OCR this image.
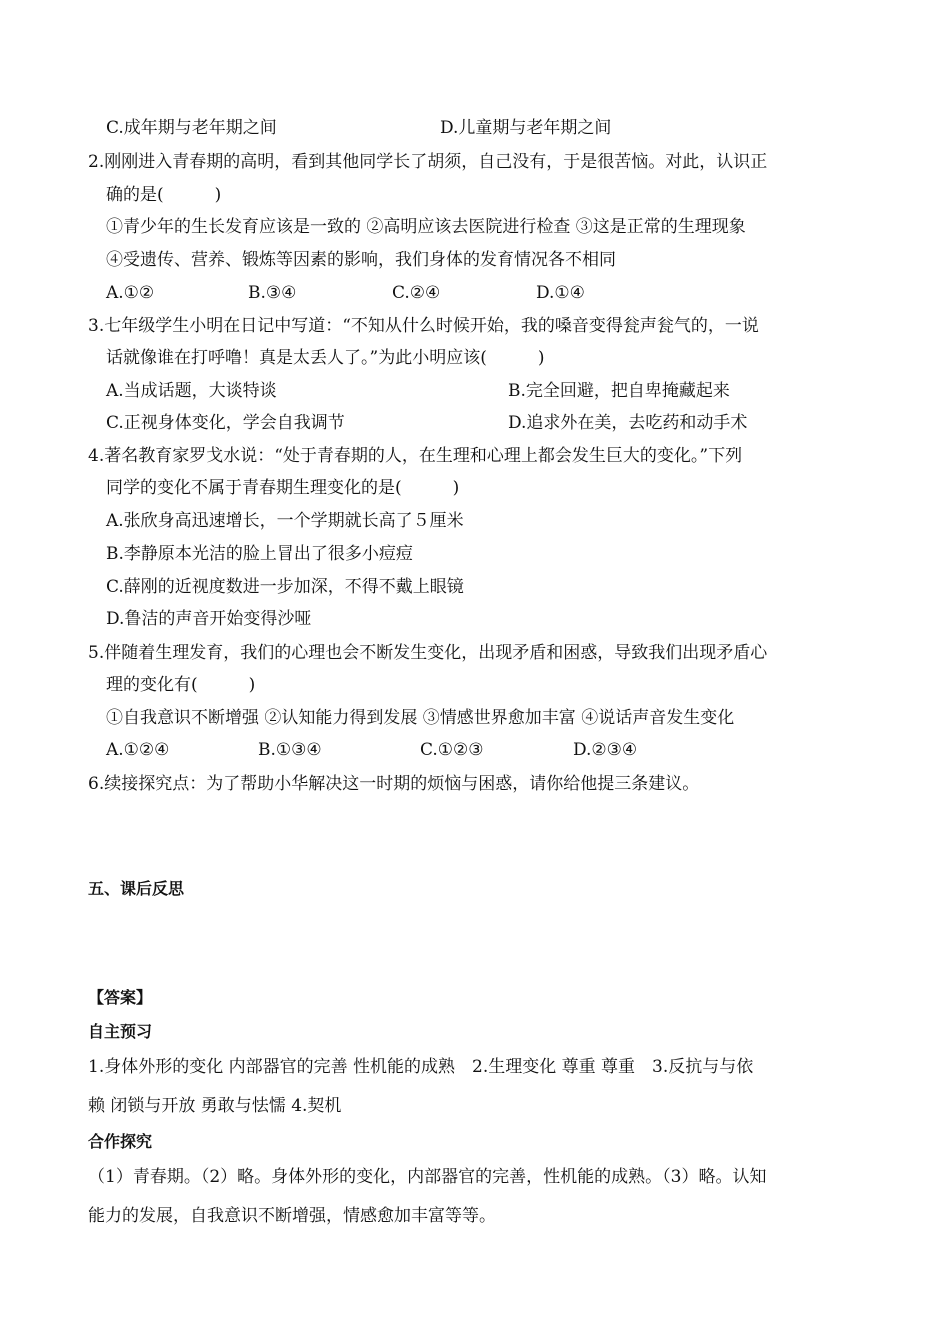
C.成年期与老年期之间	D.儿童期与老年期之间
2.刚刚进入青春期的高明，看到其他同学长了胡须，自己没有，于是很苦恼。对此，认识正
确的是(　　　)
①青少年的生长发育应该是一致的 ②高明应该去医院进行检查 ③这是正常的生理现象
④受遗传、营养、锻炼等因素的影响，我们身体的发育情况各不相同
A.①②	B.③④	C.②④	D.①④
3.七年级学生小明在日记中写道：“不知从什么时候开始，我的嗓音变得瓮声瓮气的，一说
话就像谁在打呼噜！真是太丢人了。”为此小明应该(　　　)
A.当成话题，大谈特谈	B.完全回避，把自卑掩藏起来
C.正视身体变化，学会自我调节	D.追求外在美，去吃药和动手术
4.著名教育家罗戈水说：“处于青春期的人，在生理和心理上都会发生巨大的变化。”下列
同学的变化不属于青春期生理变化的是(　　　)
A.张欣身高迅速增长，一个学期就长高了５厘米
B.李静原本光洁的脸上冒出了很多小痘痘
C.薛刚的近视度数进一步加深，不得不戴上眼镜
D.鲁洁的声音开始变得沙哑
5.伴随着生理发育，我们的心理也会不断发生变化，出现矛盾和困惑，导致我们出现矛盾心
理的变化有(　　　)
①自我意识不断增强 ②认知能力得到发展 ③情感世界愈加丰富 ④说话声音发生变化
A.①②④	B.①③④	C.①②③	D.②③④
6.续接探究点：为了帮助小华解决这一时期的烦恼与困惑，请你给他提三条建议。
五、课后反思
【答案】
自主预习
1.身体外形的变化 内部器官的完善 性机能的成熟　2.生理变化 尊重 尊重　3.反抗与与依
赖 闭锁与开放 勇敢与怯懦 4.契机
合作探究
（1）青春期。（2）略。身体外形的变化，内部器官的完善，性机能的成熟。（3）略。认知
能力的发展，自我意识不断增强，情感愈加丰富等等。
